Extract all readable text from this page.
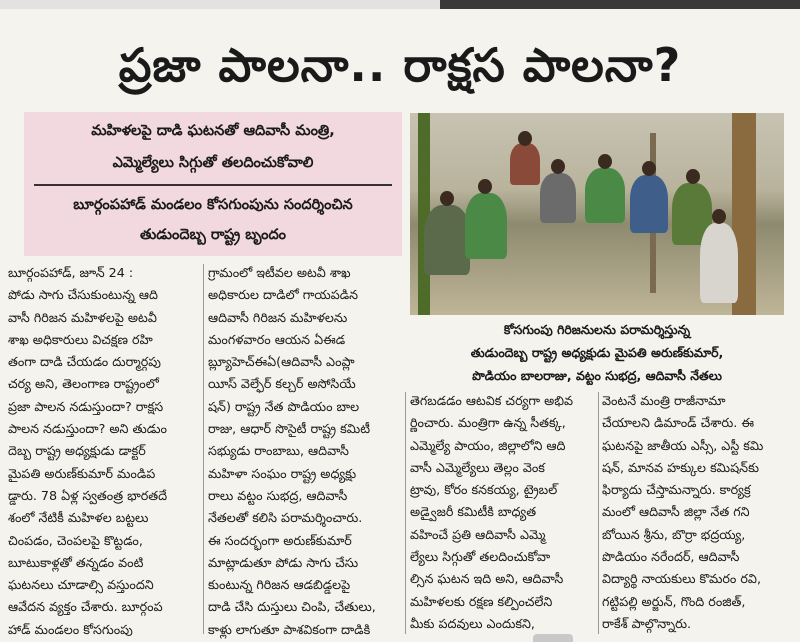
ప్రజా పాలనా.. రాక్షస పాలనా?
మహిళలపై దాడి ఘటనతో ఆదివాసీ మంత్రి,
ఎమ్మెల్యేలు సిగ్గుతో తలదించుకోవాలి
బూర్గంపహాడ్ మండలం కోసగుంపును సందర్శించిన
తుడుందెబ్బ రాష్ట్ర బృందం
కోసగుంపు గిరిజనులను పరామర్శిస్తున్న
తుడుందెబ్బ రాష్ట్ర అధ్యక్షుడు మైపతి అరుణ్‌కుమార్,
పొడియం బాలరాజు, వట్టం సుభద్ర, ఆదివాసీ నేతలు
బూర్గంపహాడ్, జూన్ 24 :
పోడు సాగు చేసుకుంటున్న ఆది
వాసీ గిరిజన మహిళలపై అటవీ
శాఖ అధికారులు విచక్షణ రహి
తంగా దాడి చేయడం దుర్మార్గపు
చర్య అని, తెలంగాణ రాష్ట్రంలో
ప్రజా పాలన నడుస్తుందా? రాక్షస
పాలన నడుస్తుందా? అని తుడుం
దెబ్బ రాష్ట్ర అధ్యక్షుడు డాక్టర్
మైపతి అరుణ్‌కుమార్ మండిప
డ్డారు. 78 ఏళ్ల స్వతంత్ర భారతదే
శంలో నేటికీ మహిళల బట్టలు
చింపడం, చెంపలపై కొట్టడం,
బూటుకాళ్లతో తన్నడం వంటి
ఘటనలు చూడాల్సి వస్తుందని
ఆవేదన వ్యక్తం చేశారు. బూర్గంప
హాడ్ మండలం కోసగుంపు
గ్రామంలో ఇటీవల అటవీ శాఖ
అధికారుల దాడిలో గాయపడిన
ఆదివాసీ గిరిజన మహిళలను
మంగళవారం ఆయన ఏఈడ
బ్ల్యూహెచ్ఈఏ(ఆదివాసీ ఎంప్లా
యీస్ వెల్ఫేర్ కల్చర్ అసోసియే
షన్) రాష్ట్ర నేత పొడియం బాల
రాజు, ఆధార్ సొసైటీ రాష్ట్ర కమిటీ
సభ్యుడు రాంబాబు, ఆదివాసీ
మహిళా సంఘం రాష్ట్ర అధ్యక్షు
రాలు వట్టం సుభద్ర, ఆదివాసీ
నేతలతో కలిసి పరామర్శించారు.
ఈ సందర్భంగా అరుణ్‌కుమార్
మాట్లాడుతూ పోడు సాగు చేసు
కుంటున్న గిరిజన ఆడబిడ్డలపై
దాడి చేసి దుస్తులు చింపి, చేతులు,
కాళ్లు లాగుతూ పాశవికంగా దాడికి
తెగబడడం ఆటవిక చర్యగా అభివ
ర్ణించారు. మంత్రిగా ఉన్న సీతక్క,
ఎమ్మెల్యే పాయం, జిల్లాలోని ఆది
వాసీ ఎమ్మెల్యేలు తెల్లం వెంక
ట్రావు, కోరం కనకయ్య, ట్రైబల్
అడ్వైజరీ కమిటీకి బాధ్యత
వహించే ప్రతి ఆదివాసీ ఎమ్మె
ల్యేలు సిగ్గుతో తలదించుకోవా
ల్సిన ఘటన ఇది అని, ఆదివాసీ
మహిళలకు రక్షణ కల్పించలేని
మీకు పదవులు ఎందుకని,
వెంటనే మంత్రి రాజీనామా
చేయాలని డిమాండ్ చేశారు. ఈ
ఘటనపై జాతీయ ఎస్సీ, ఎస్టీ కమి
షన్, మానవ హక్కుల కమిషన్‌కు
ఫిర్యాదు చేస్తామన్నారు. కార్యక్ర
మంలో ఆదివాసీ జిల్లా నేత గని
బోయిన శ్రీను, బొర్రా భద్రయ్య,
పొడియం నరేందర్, ఆదివాసీ
విద్యార్థి నాయకులు కొమరం రవి,
గట్టిపల్లి అర్జున్, గొంది రంజిత్,
రాకేశ్ పాల్గొన్నారు.
